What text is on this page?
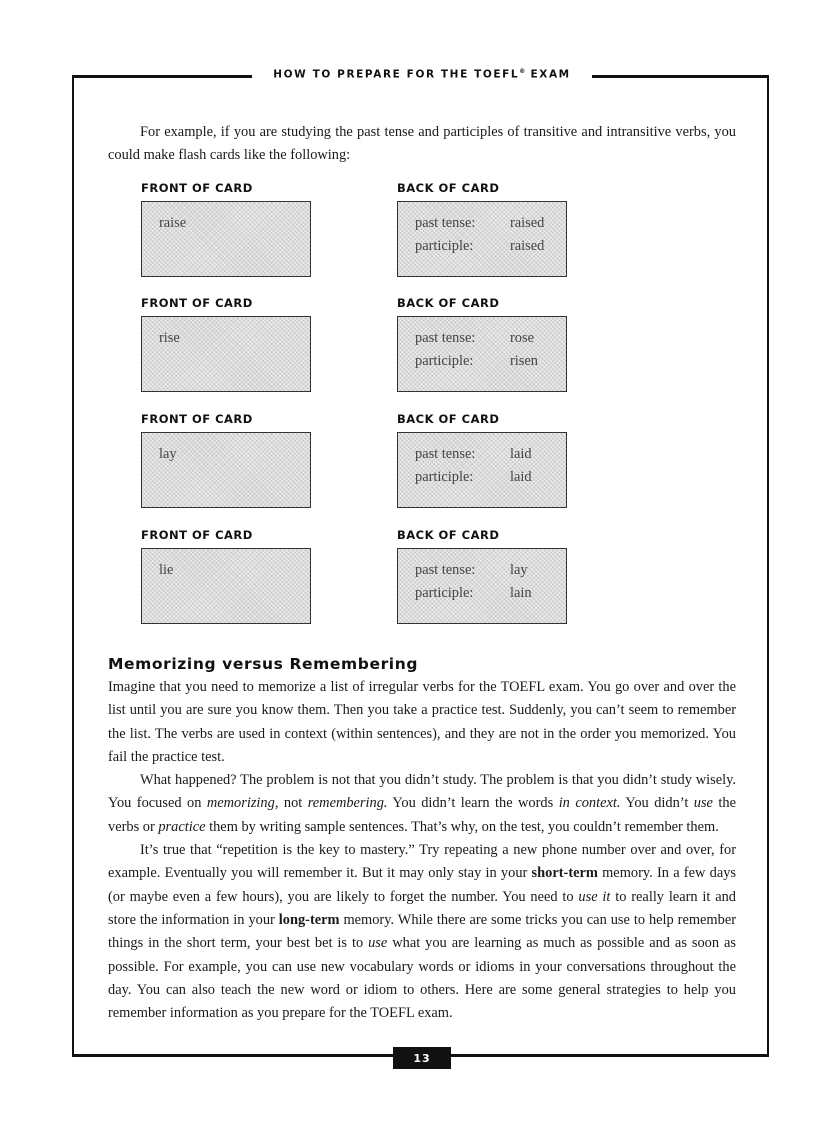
HOW TO PREPARE FOR THE TOEFL® EXAM

For example, if you are studying the past tense and participles of transitive and intransitive verbs, you could make flash cards like the following:

FRONT OF CARD	BACK OF CARD
raise	past tense: raised
participle:	raised
FRONT OF CARD	BACK OF CARD
rise	past tense: rose
participle:	risen
FRONT OF CARD	BACK OF CARD
lay	past tense: laid
participle:	laid
FRONT OF CARD	BACK OF CARD
lie	past tense: lay
participle:	lain
Memorizing versus Remembering

Imagine that you need to memorize a list of irregular verbs for the TOEFL exam. You go over and over the list until you are sure you know them. Then you take a practice test. Suddenly, you can’t seem to remember the list. The verbs are used in context (within sentences), and they are not in the order you memorized. You fail the practice test.

What happened? The problem is not that you didn’t study. The problem is that you didn’t study wisely. You focused on memorizing, not remembering. You didn’t learn the words in context. You didn’t use the verbs or practice them by writing sample sentences. That’s why, on the test, you couldn’t remember them.

It’s true that “repetition is the key to mastery.” Try repeating a new phone number over and over, for example. Eventually you will remember it. But it may only stay in your short-term memory. In a few days (or maybe even a few hours), you are likely to forget the number. You need to use it to really learn it and store the information in your long-term memory. While there are some tricks you can use to help remember things in the short term, your best bet is to use what you are learning as much as possible and as soon as possible. For example, you can use new vocabulary words or idioms in your conversations throughout the day. You can also teach the new word or idiom to others. Here are some general strategies to help you remember information as you prepare for the TOEFL exam.

13
